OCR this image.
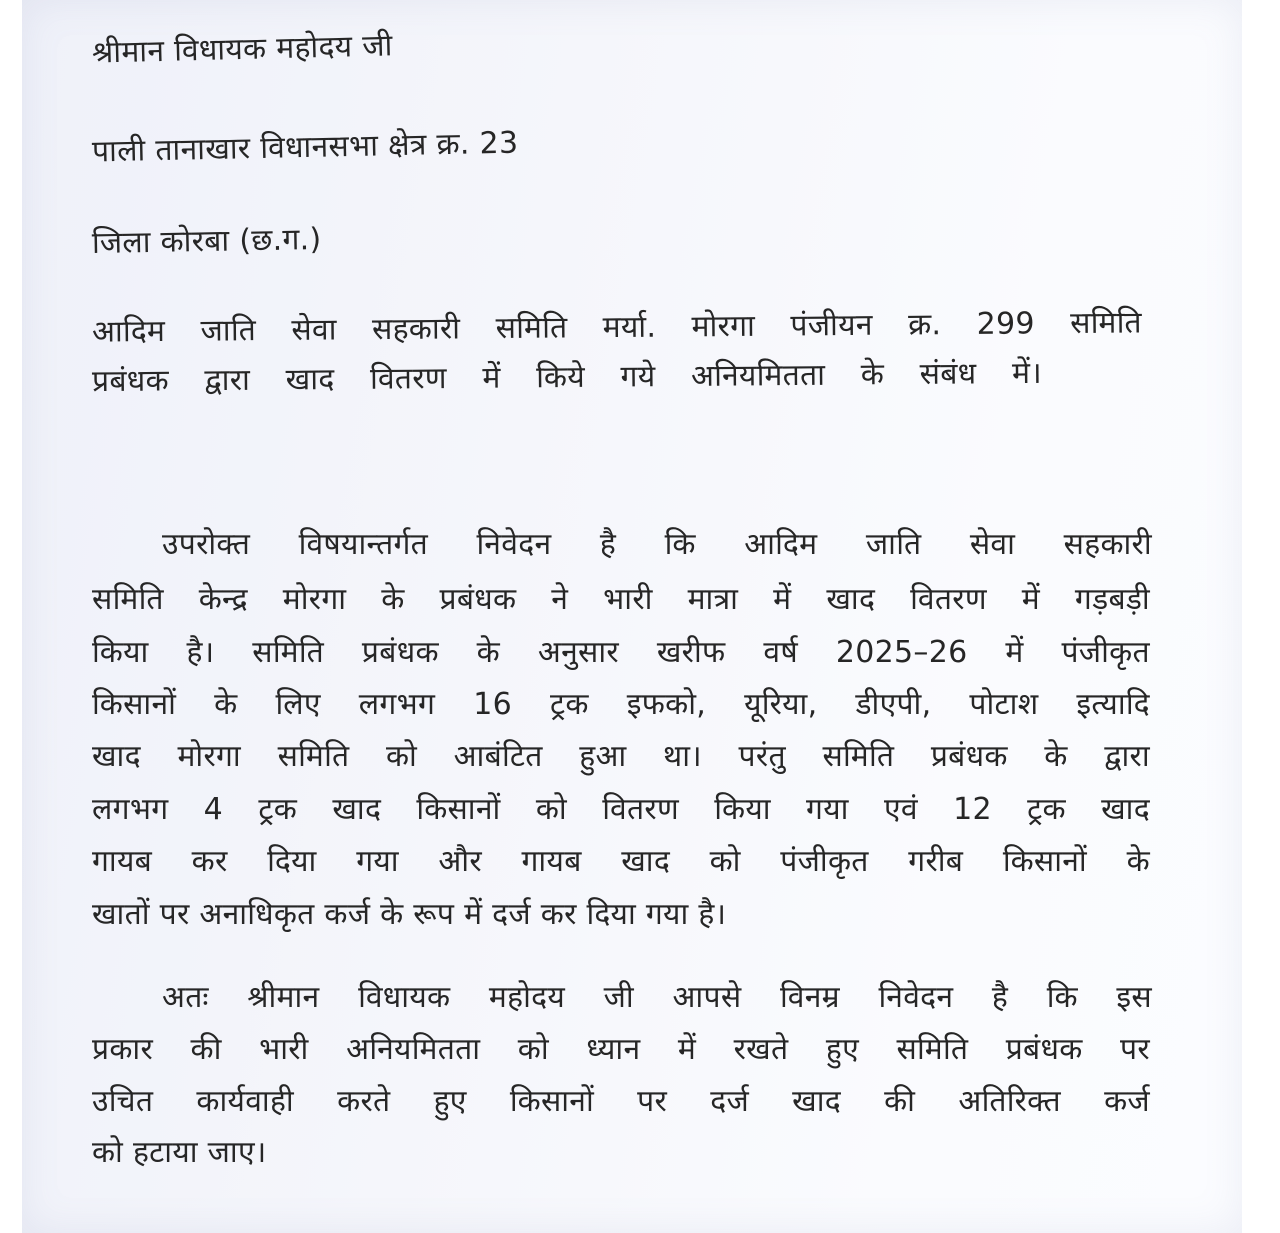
श्रीमान विधायक महोदय जी
पाली तानाखार विधानसभा क्षेत्र क्र. 23
जिला कोरबा (छ.ग.)
आदिम जाति सेवा सहकारी समिति मर्या. मोरगा पंजीयन क्र. 299 समिति
प्रबंधक द्वारा खाद वितरण में किये गये अनियमितता के संबंध में।
उपरोक्त विषयान्तर्गत निवेदन है कि आदिम जाति सेवा सहकारी
समिति केन्द्र मोरगा के प्रबंधक ने भारी मात्रा में खाद वितरण में गड़बड़ी
किया है। समिति प्रबंधक के अनुसार खरीफ वर्ष 2025–26 में पंजीकृत
किसानों के लिए लगभग 16 ट्रक इफको, यूरिया, डीएपी, पोटाश इत्यादि
खाद मोरगा समिति को आबंटित हुआ था। परंतु समिति प्रबंधक के द्वारा
लगभग 4 ट्रक खाद किसानों को वितरण किया गया एवं 12 ट्रक खाद
गायब कर दिया गया और गायब खाद को पंजीकृत गरीब किसानों के
खातों पर अनाधिकृत कर्ज के रूप में दर्ज कर दिया गया है।
अतः श्रीमान विधायक महोदय जी आपसे विनम्र निवेदन है कि इस
प्रकार की भारी अनियमितता को ध्यान में रखते हुए समिति प्रबंधक पर
उचित कार्यवाही करते हुए किसानों पर दर्ज खाद की अतिरिक्त कर्ज
को हटाया जाए।
